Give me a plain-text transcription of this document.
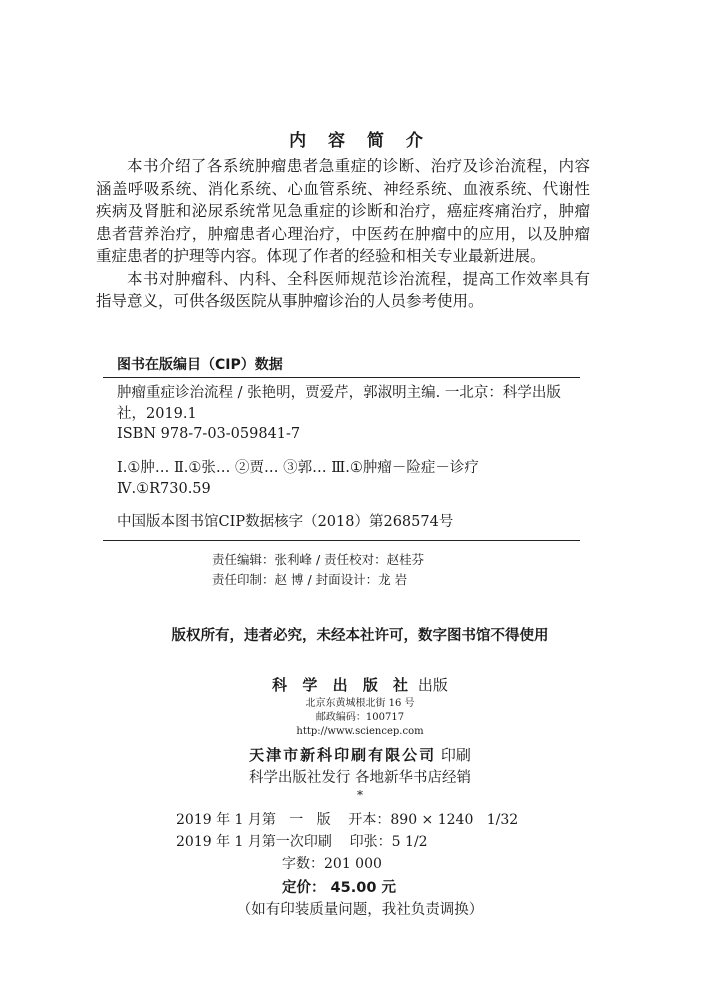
内 容 简 介

本书介绍了各系统肿瘤患者急重症的诊断、治疗及诊治流程，内容涵盖呼吸系统、消化系统、心血管系统、神经系统、血液系统、代谢性疾病及肾脏和泌尿系统常见急重症的诊断和治疗，癌症疼痛治疗，肿瘤患者营养治疗，肿瘤患者心理治疗，中医药在肿瘤中的应用，以及肿瘤重症患者的护理等内容。体现了作者的经验和相关专业最新进展。

本书对肿瘤科、内科、全科医师规范诊治流程，提高工作效率具有指导意义，可供各级医院从事肿瘤诊治的人员参考使用。

图书在版编目（CIP）数据

肿瘤重症诊治流程 / 张艳明，贾爱芹，郭淑明主编. 一北京：科学出版

社，2019.1

ISBN 978-7-03-059841-7

Ⅰ.①肿… Ⅱ.①张… ②贾… ③郭… Ⅲ.①肿瘤－险症－诊疗

Ⅳ.①R730.59

中国版本图书馆CIP数据核字（2018）第268574号
责任编辑：张利峰 / 责任校对：赵桂芬
责任印制：赵 博 / 封面设计：龙 岩
版权所有，违者必究，未经本社许可，数字图书馆不得使用
科 学 出 版 社 出版
北京东黄城根北街 16 号
邮政编码：100717
http://www.sciencep.com
天津市新科印刷有限公司 印刷
科学出版社发行 各地新华书店经销
*
2019 年 1 月第   一   版    开本：890 × 1240   1/32
2019 年 1 月第一次印刷    印张：5 1/2
字数：201 000
定价： 45.00 元
（如有印装质量问题，我社负责调换）
